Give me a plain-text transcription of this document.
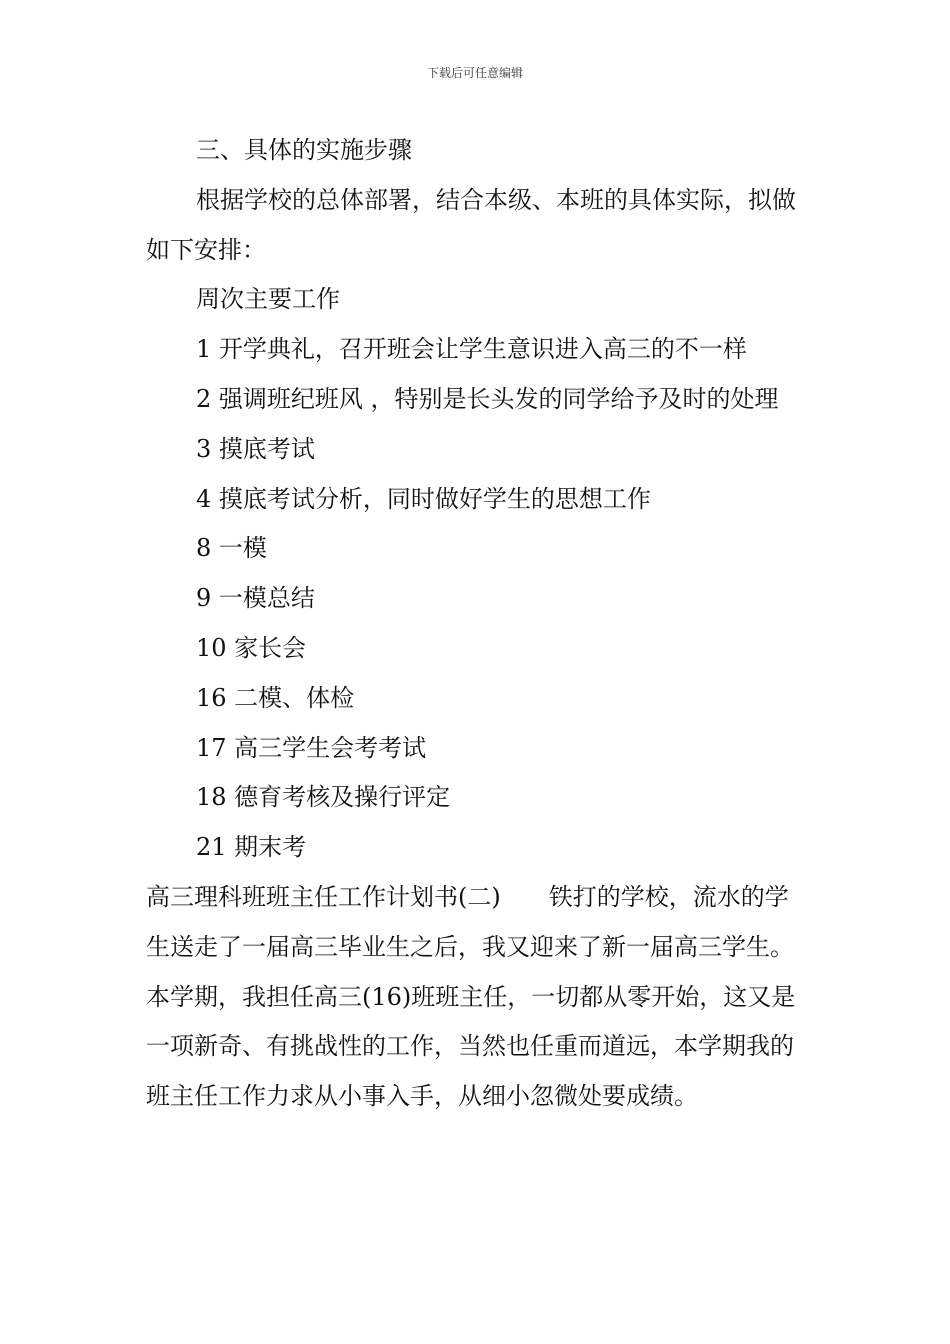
下载后可任意编辑

三、具体的实施步骤

根据学校的总体部署，结合本级、本班的具体实际，拟做如下安排：

周次主要工作

1 开学典礼，召开班会让学生意识进入高三的不一样

2 强调班纪班风 ，特别是长头发的同学给予及时的处理

3 摸底考试

4 摸底考试分析，同时做好学生的思想工作

8 一模

9 一模总结

10 家长会

16 二模、体检

17 高三学生会考考试

18 德育考核及操行评定

21 期末考

高三理科班班主任工作计划书(二)　　铁打的学校，流水的学生送走了一届高三毕业生之后，我又迎来了新一届高三学生。本学期，我担任高三(16)班班主任，一切都从零开始，这又是一项新奇、有挑战性的工作，当然也任重而道远，本学期我的班主任工作力求从小事入手，从细小忽微处要成绩。
